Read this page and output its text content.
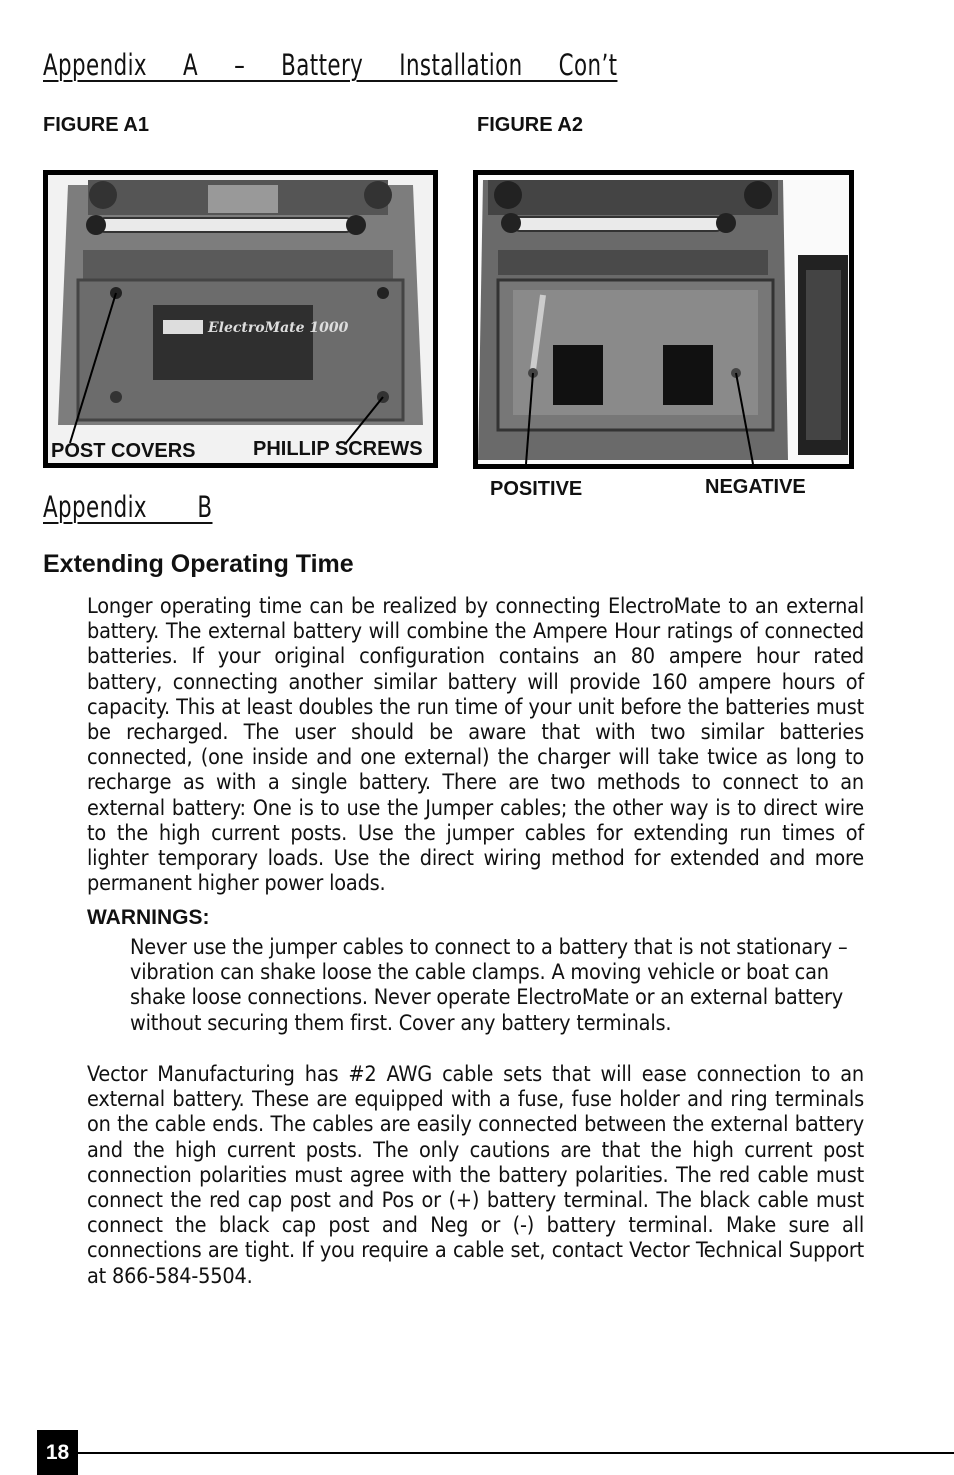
Appendix     A     –     Battery     Installation     Con’t

FIGURE A1	FIGURE A2

ElectroMate 1000

POST COVERS	PHILLIP SCREWS

POSITIVE	NEGATIVE

Appendix       B
Extending Operating Time

Longer operating time can be realized by connecting ElectroMate to an external battery. The external battery will combine the Ampere Hour ratings of connected batteries. If your original configuration contains an 80 ampere hour rated battery, connecting another similar battery will provide 160 ampere hours of capacity. This at least doubles the run time of your unit before the batteries must be recharged. The user should be aware that with two similar batteries connected, (one inside and one external) the charger will take twice as long to recharge as with a single battery. There are two methods to connect to an external battery: One is to use the Jumper cables; the other way is to direct wire to the high current posts. Use the jumper cables for extending run times of lighter temporary loads. Use the direct wiring method for extended and more permanent higher power loads.

WARNINGS:

Never use the jumper cables to connect to a battery that is not stationary – vibration can shake loose the cable clamps. A moving vehicle or boat can shake loose connections. Never operate ElectroMate or an external battery without securing them first. Cover any battery terminals.

Vector Manufacturing has #2 AWG cable sets that will ease connection to an external battery. These are equipped with a fuse, fuse holder and ring terminals on the cable ends. The cables are easily connected between the external battery and the high current posts. The only cautions are that the high current post connection polarities must agree with the battery polarities. The red cable must connect the red cap post and Pos or (+) battery terminal. The black cable must connect the black cap post and Neg or (-) battery terminal. Make sure all connections are tight. If you require a cable set, contact Vector Technical Support at 866-584-5504.

18
